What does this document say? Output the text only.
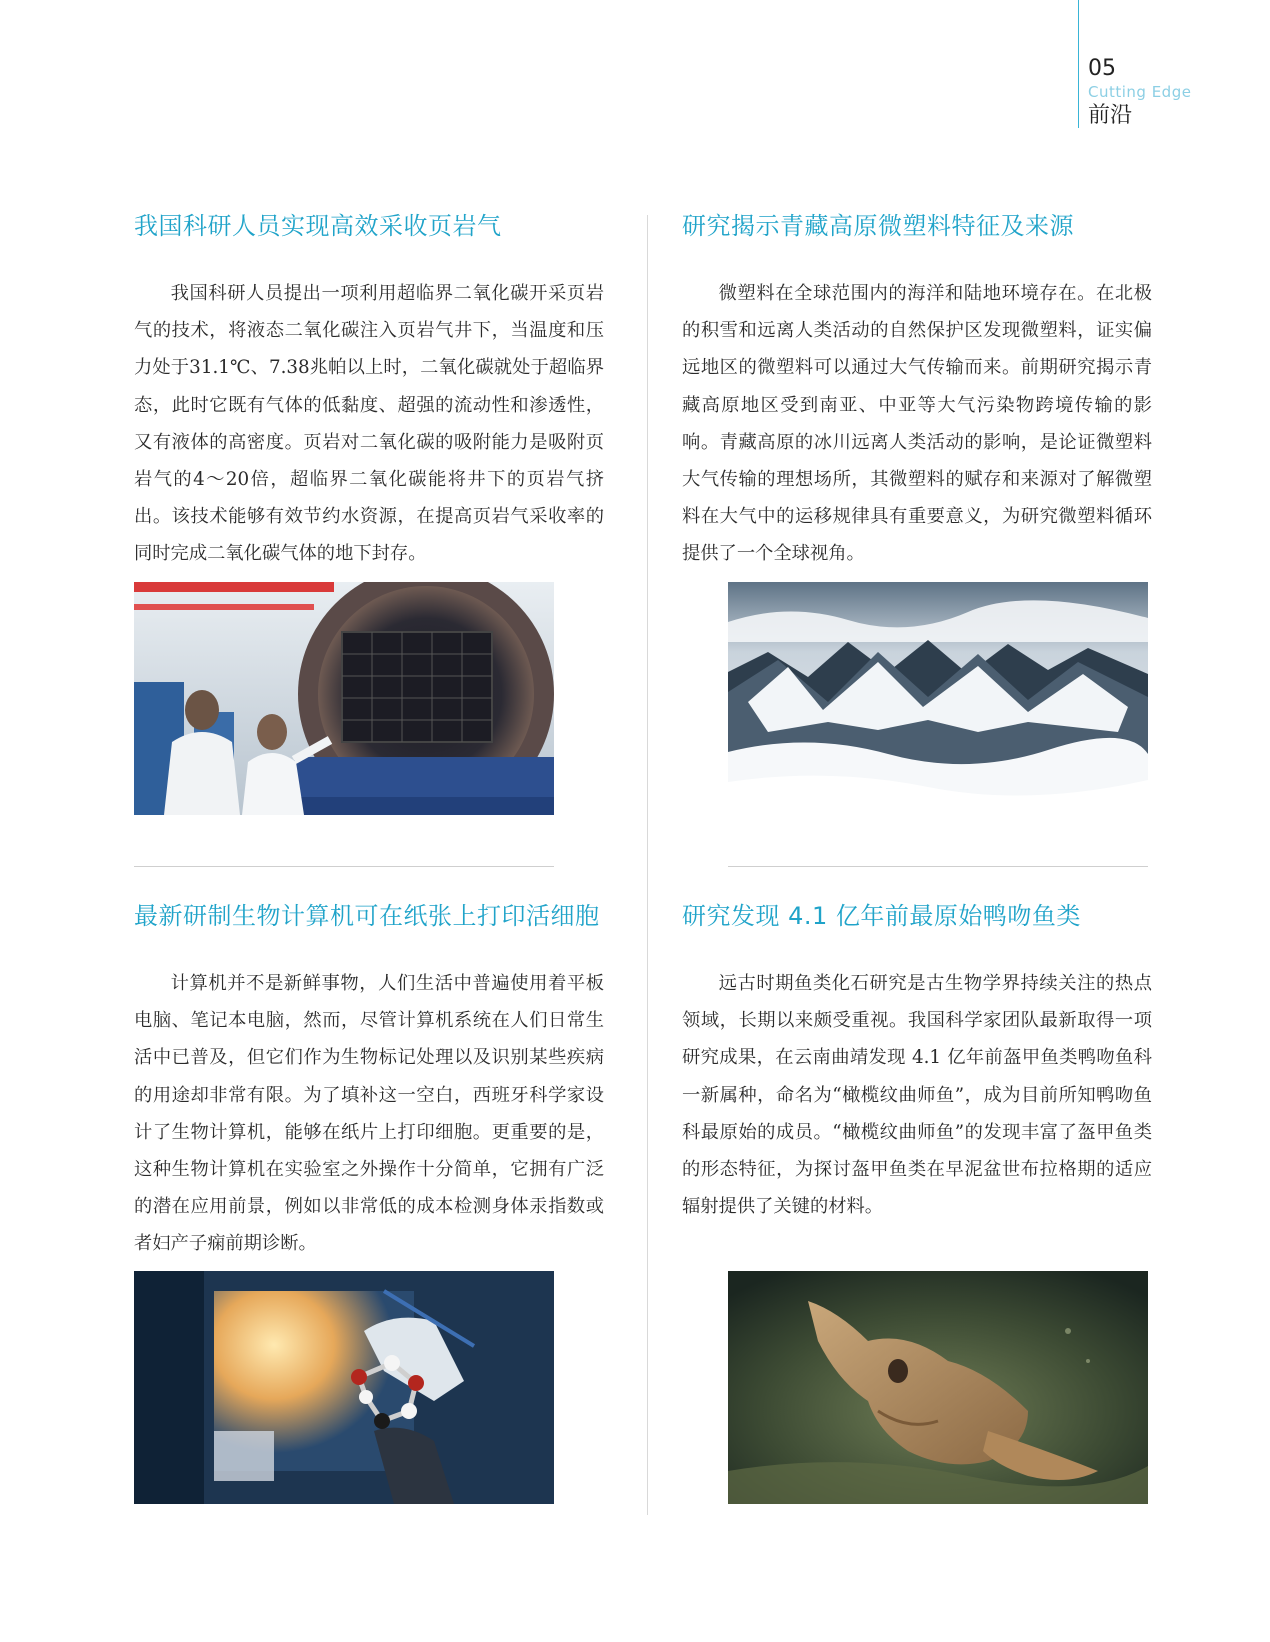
05
Cutting Edge
前沿
我国科研人员实现高效采收页岩气

我国科研人员提出一项利用超临界二氧化碳开采页岩气的技术，将液态二氧化碳注入页岩气井下，当温度和压力处于31.1℃、7.38兆帕以上时，二氧化碳就处于超临界态，此时它既有气体的低黏度、超强的流动性和渗透性，又有液体的高密度。页岩对二氧化碳的吸附能力是吸附页岩气的4～20倍，超临界二氧化碳能将井下的页岩气挤出。该技术能够有效节约水资源，在提高页岩气采收率的同时完成二氧化碳气体的地下封存。

研究揭示青藏高原微塑料特征及来源

微塑料在全球范围内的海洋和陆地环境存在。在北极的积雪和远离人类活动的自然保护区发现微塑料，证实偏远地区的微塑料可以通过大气传输而来。前期研究揭示青藏高原地区受到南亚、中亚等大气污染物跨境传输的影响。青藏高原的冰川远离人类活动的影响，是论证微塑料大气传输的理想场所，其微塑料的赋存和来源对了解微塑料在大气中的运移规律具有重要意义，为研究微塑料循环提供了一个全球视角。

最新研制生物计算机可在纸张上打印活细胞

计算机并不是新鲜事物，人们生活中普遍使用着平板电脑、笔记本电脑，然而，尽管计算机系统在人们日常生活中已普及，但它们作为生物标记处理以及识别某些疾病的用途却非常有限。为了填补这一空白，西班牙科学家设计了生物计算机，能够在纸片上打印细胞。更重要的是，这种生物计算机在实验室之外操作十分简单，它拥有广泛的潜在应用前景，例如以非常低的成本检测身体汞指数或者妇产子痫前期诊断。

研究发现 4.1 亿年前最原始鸭吻鱼类

远古时期鱼类化石研究是古生物学界持续关注的热点领域，长期以来颇受重视。我国科学家团队最新取得一项研究成果，在云南曲靖发现 4.1 亿年前盔甲鱼类鸭吻鱼科一新属种，命名为“橄榄纹曲师鱼”，成为目前所知鸭吻鱼科最原始的成员。“橄榄纹曲师鱼”的发现丰富了盔甲鱼类的形态特征，为探讨盔甲鱼类在早泥盆世布拉格期的适应辐射提供了关键的材料。
